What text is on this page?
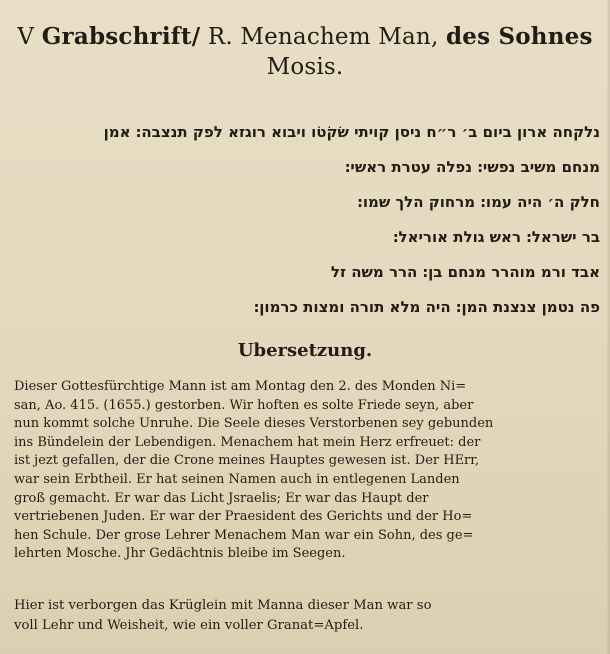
V Grabschrift/ R. Menachem Man, des Sohnes
Mosis.
נלקחה ארון ביום ב׳ ר״ח ניסן קויתי שׂקׂטׂו ויבוא רוגזא לפק תנצבה׃ אמן
מנחם משיב נפשי׃ נפלה עטרת ראשי׃
חלק ה׳ היה עמו׃ מרחוק הלך שמו׃
בר ישראל׃ ראש גולת אוריאל׃
אבד ורמ מוהרר מנחם בן׃ הרר משה זל
פה נטמן צנצנת המן׃ היה מלא תורה ומצות כרמון׃
Ubersetzung.
Dieser Gottesfürchtige Mann ist am Montag den 2. des Monden Ni=
san, Ao. 415. (1655.) gestorben. Wir hoften es solte Friede seyn, aber
nun kommt solche Unruhe. Die Seele dieses Verstorbenen sey gebunden
ins Bündelein der Lebendigen. Menachem hat mein Herz erfreuet: der
ist jezt gefallen, der die Crone meines Hauptes gewesen ist. Der HErr,
war sein Erbtheil. Er hat seinen Namen auch in entlegenen Landen
groß gemacht. Er war das Licht Jsraelis; Er war das Haupt der
vertriebenen Juden. Er war der Praesident des Gerichts und der Ho=
hen Schule. Der grose Lehrer Menachem Man war ein Sohn, des ge=
lehrten Mosche. Jhr Gedächtnis bleibe im Seegen.
Hier ist verborgen das Krüglein mit Manna dieser Man war so
voll Lehr und Weisheit, wie ein voller Granat=Apfel.
